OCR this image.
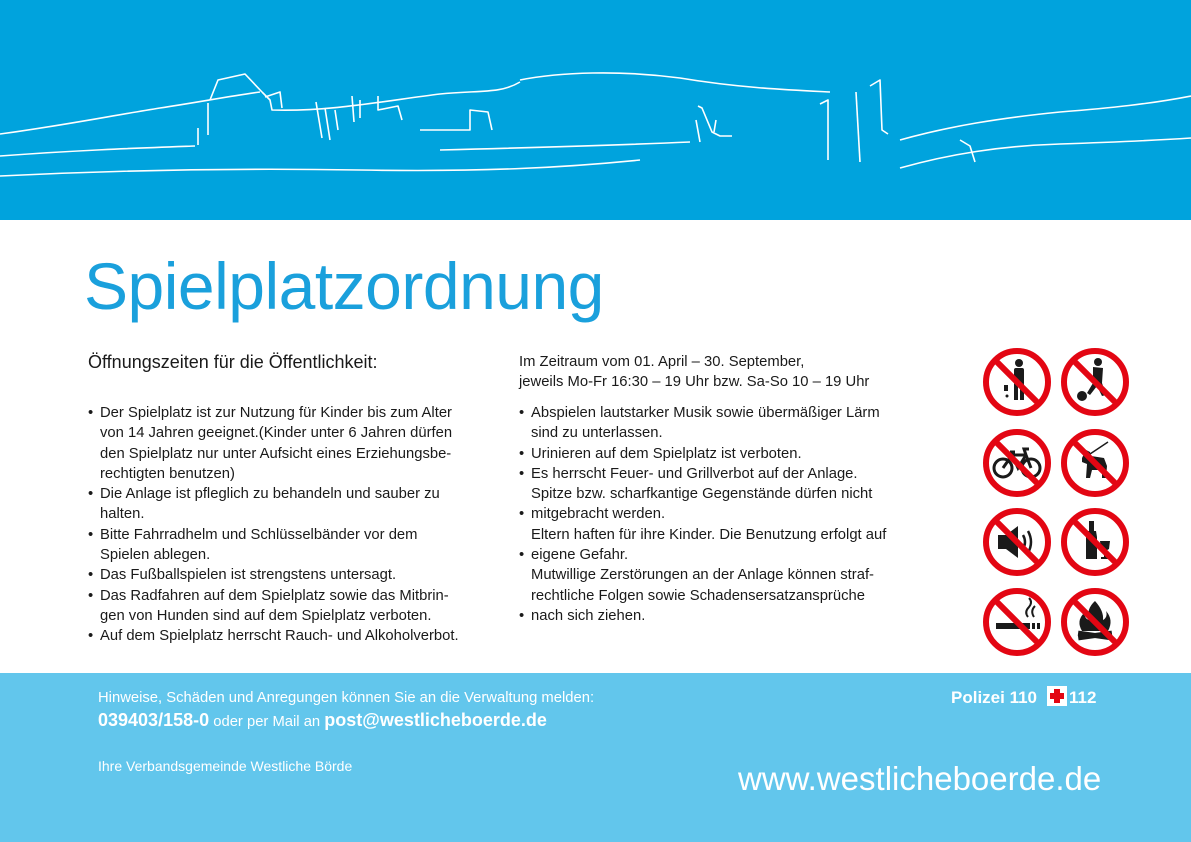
Spielplatzordnung

Öffnungszeiten für die Öffentlichkeit:

• Der Spielplatz ist zur Nutzung für Kinder bis zum Alter
von 14 Jahren geeignet.(Kinder unter 6 Jahren dürfen
den Spielplatz nur unter Aufsicht eines Erziehungsbe-
rechtigten benutzen)
• Die Anlage ist pfleglich zu behandeln und sauber zu
halten.
• Bitte Fahrradhelm und Schlüsselbänder vor dem
Spielen ablegen.
• Das Fußballspielen ist strengstens untersagt.
• Das Radfahren auf dem Spielplatz sowie das Mitbrin-
gen von Hunden sind auf dem Spielplatz verboten.
• Auf dem Spielplatz herrscht Rauch- und Alkoholverbot.

Im Zeitraum vom 01. April – 30. September,
jeweils Mo-Fr 16:30 – 19 Uhr bzw. Sa-So 10 – 19 Uhr

• Abspielen lautstarker Musik sowie übermäßiger Lärm
sind zu unterlassen.
• Urinieren auf dem Spielplatz ist verboten.
• Es herrscht Feuer- und Grillverbot auf der Anlage.
Spitze bzw. scharfkantige Gegenstände dürfen nicht
• mitgebracht werden.
Eltern haften für ihre Kinder. Die Benutzung erfolgt auf
• eigene Gefahr.
Mutwillige Zerstörungen an der Anlage können straf-
rechtliche Folgen sowie Schadensersatzansprüche
• nach sich ziehen.
Hinweise, Schäden und Anregungen können Sie an die Verwaltung melden:
039403/158-0 oder per Mail an post@westlicheboerde.de
Ihre Verbandsgemeinde Westliche Börde
Polizei 110 112
www.westlicheboerde.de
